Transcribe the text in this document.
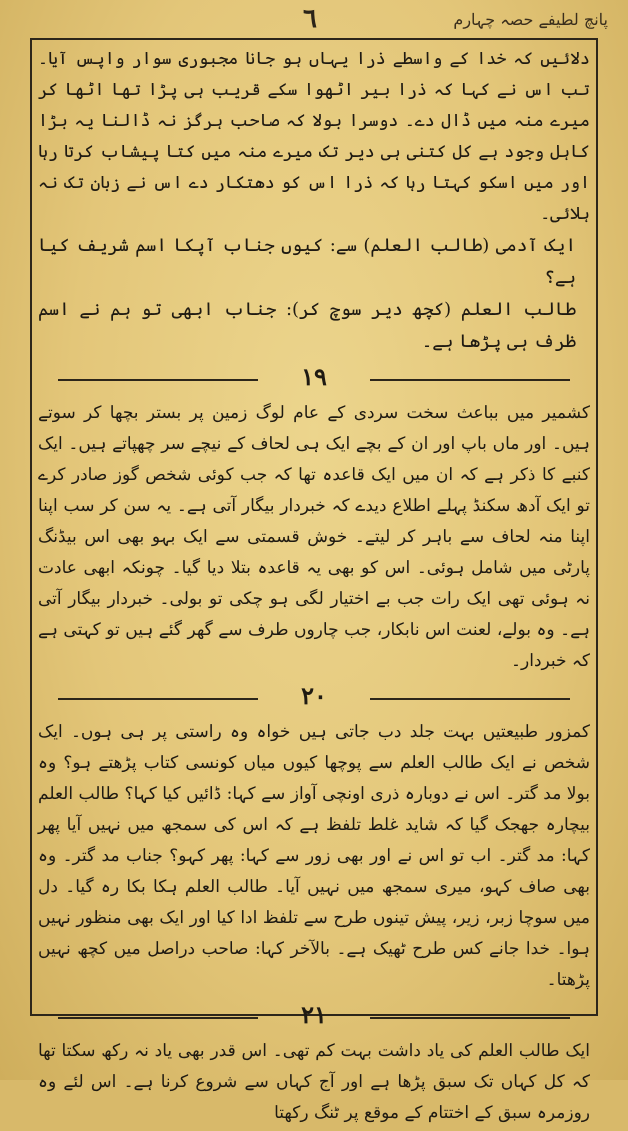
٦	پانچ لطیفے حصہ چہارم

دلائیں کہ خدا کے واسطے ذرا یہاں ہو جانا مجبوری سوار واپس آیا۔ تب اس نے کہا کہ ذرا بیر اٹھوا سکے قریب ہی پڑا تھا اٹھا کر میرے منہ میں ڈال دے۔ دوسرا بولا کہ صاحب ہرگز نہ ڈالنا یہ بڑا کاہل وجود ہے کل کتنی ہی دیر تک میرے منہ میں کتا پیشاب کرتا رہا اور میں اسکو کہتا رہا کہ ذرا اس کو دھتکار دے اس نے زبان تک نہ ہلائی۔

ایک آدمی (طالب العلم) سے: کیوں جناب آپکا اسم شریف کیا ہے؟

طالب العلم (کچھ دیر سوچ کر): جناب ابھی تو ہم نے اسم ظرف ہی پڑھا ہے۔

١٩

کشمیر میں بباعث سخت سردی کے عام لوگ زمین پر بستر بچھا کر سوتے ہیں۔ اور ماں باپ اور ان کے بچے ایک ہی لحاف کے نیچے سر چھپاتے ہیں۔ ایک کنبے کا ذکر ہے کہ ان میں ایک قاعدہ تھا کہ جب کوئی شخص گوز صادر کرے تو ایک آدھ سکنڈ پہلے اطلاع دیدے کہ خبردار بیگار آتی ہے۔ یہ سن کر سب اپنا اپنا منہ لحاف سے باہر کر لیتے۔ خوش قسمتی سے ایک بہو بھی اس بیڈنگ پارٹی میں شامل ہوئی۔ اس کو بھی یہ قاعدہ بتلا دیا گیا۔ چونکہ ابھی عادت نہ ہوئی تھی ایک رات جب بے اختیار لگی ہو چکی تو بولی۔ خبردار بیگار آتی ہے۔ وہ بولے، لعنت اس نابکار، جب چاروں طرف سے گھر گئے ہیں تو کہتی ہے کہ خبردار۔

٢٠

کمزور طبیعتیں بہت جلد دب جاتی ہیں خواہ وہ راستی پر ہی ہوں۔ ایک شخص نے ایک طالب العلم سے پوچھا کیوں میاں کونسی کتاب پڑھتے ہو؟ وہ بولا مد گتر۔ اس نے دوبارہ ذری اونچی آواز سے کہا: ڈائیں کیا کہا؟ طالب العلم بیچارہ جھجک گیا کہ شاید غلط تلفظ ہے کہ اس کی سمجھ میں نہیں آیا پھر کہا: مد گتر۔ اب تو اس نے اور بھی زور سے کہا: پھر کہو؟ جناب مد گتر۔ وہ بھی صاف کہو، میری سمجھ میں نہیں آیا۔ طالب العلم ہکا بکا رہ گیا۔ دل میں سوچا زبر، زیر، پیش تینوں طرح سے تلفظ ادا کیا اور ایک بھی منظور نہیں ہوا۔ خدا جانے کس طرح ٹھیک ہے۔ بالآخر کہا: صاحب دراصل میں کچھ نہیں پڑھتا۔

٢١

ایک طالب العلم کی یاد داشت بہت کم تھی۔ اس قدر بھی یاد نہ رکھ سکتا تھا کہ کل کہاں تک سبق پڑھا ہے اور آج کہاں سے شروع کرنا ہے۔ اس لئے وہ روزمرہ سبق کے اختتام کے موقع پر ٹنگ رکھتا
